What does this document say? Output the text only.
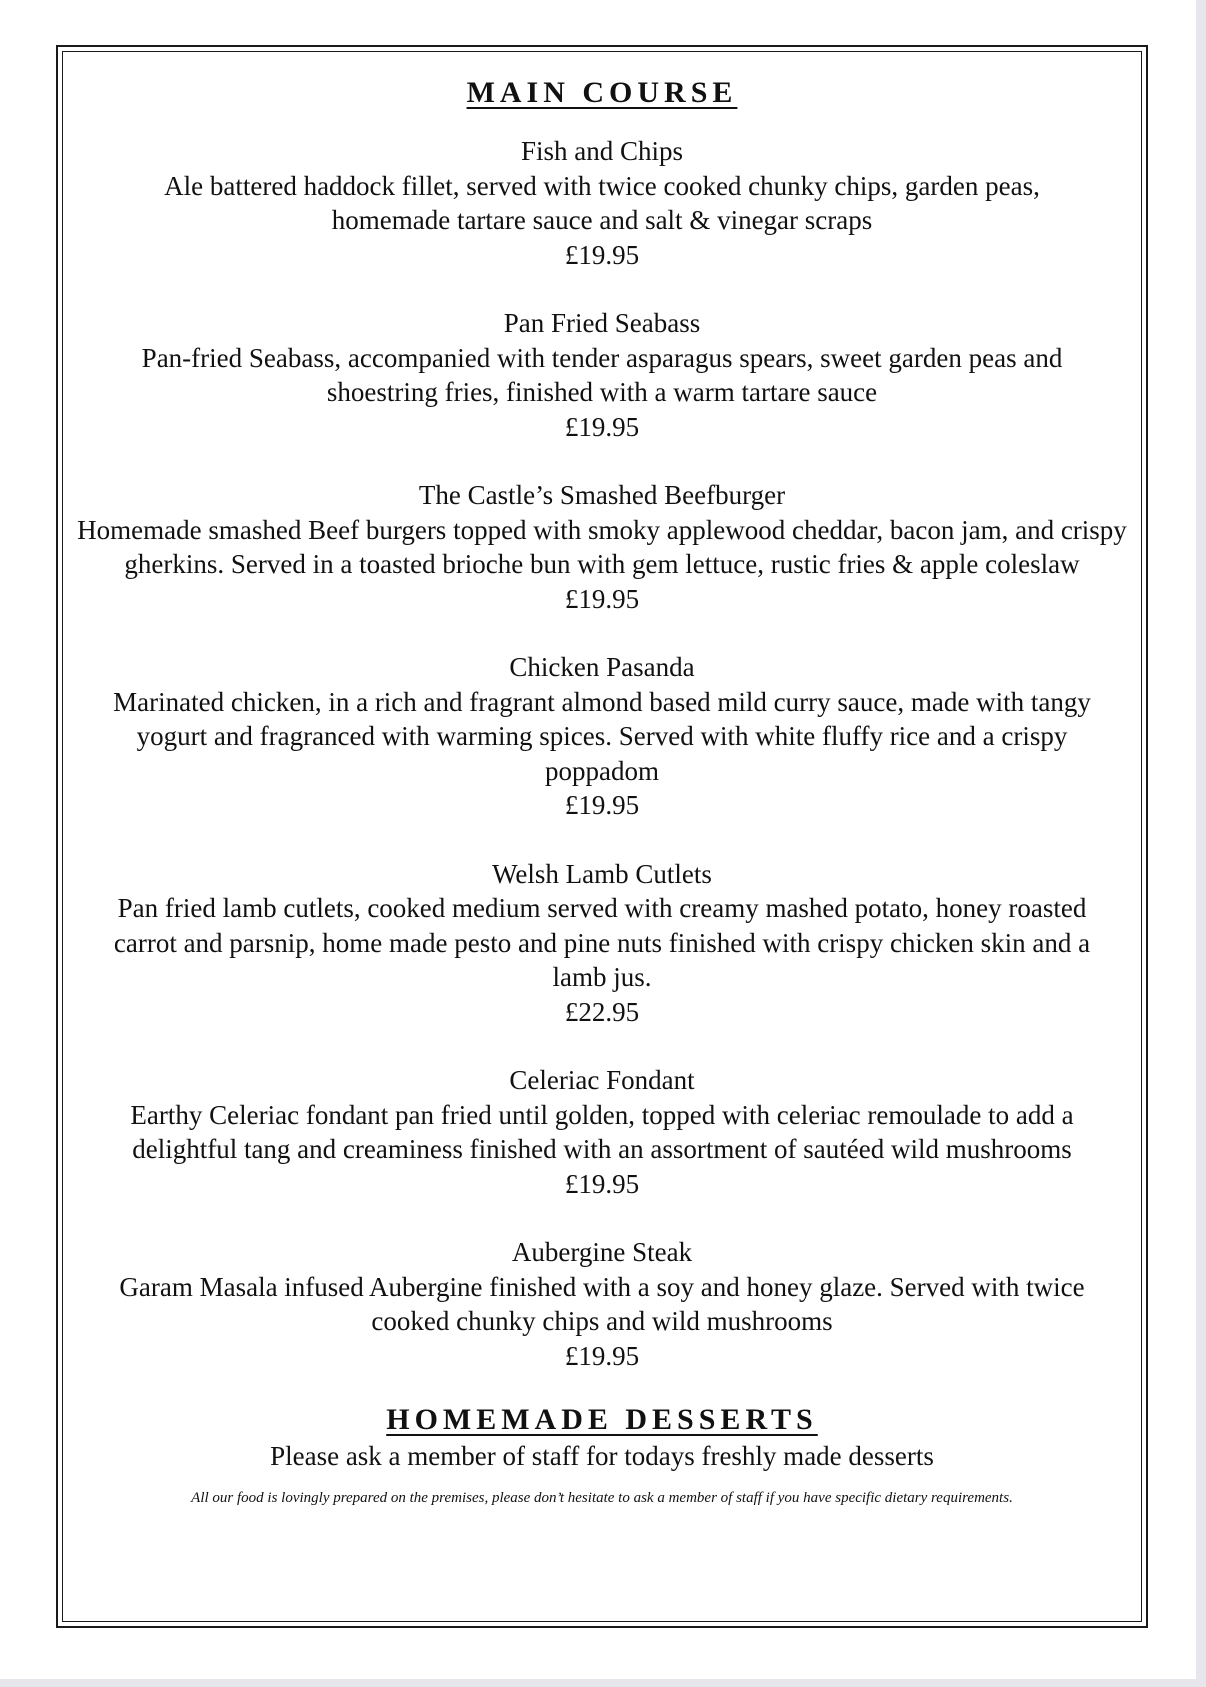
MAIN COURSE

Fish and Chips

Ale battered haddock fillet, served with twice cooked chunky chips, garden peas, homemade tartare sauce and salt & vinegar scraps

£19.95

Pan Fried Seabass

Pan-fried Seabass, accompanied with tender asparagus spears, sweet garden peas and shoestring fries, finished with a warm tartare sauce

£19.95

The Castle’s Smashed Beefburger

Homemade smashed Beef burgers topped with smoky applewood cheddar, bacon jam, and crispy gherkins. Served in a toasted brioche bun with gem lettuce, rustic fries & apple coleslaw

£19.95

Chicken Pasanda

Marinated chicken, in a rich and fragrant almond based mild curry sauce, made with tangy yogurt and fragranced with warming spices. Served with white fluffy rice and a crispy poppadom

£19.95

Welsh Lamb Cutlets

Pan fried lamb cutlets, cooked medium served with creamy mashed potato, honey roasted carrot and parsnip, home made pesto and pine nuts finished with crispy chicken skin and a lamb jus.

£22.95

Celeriac Fondant

Earthy Celeriac fondant pan fried until golden, topped with celeriac remoulade to add a delightful tang and creaminess finished with an assortment of sautéed wild mushrooms

£19.95

Aubergine Steak

Garam Masala infused Aubergine finished with a soy and honey glaze. Served with twice cooked chunky chips and wild mushrooms

£19.95

HOMEMADE DESSERTS

Please ask a member of staff for todays freshly made desserts

All our food is lovingly prepared on the premises, please don’t hesitate to ask a member of staff if you have specific dietary requirements.
